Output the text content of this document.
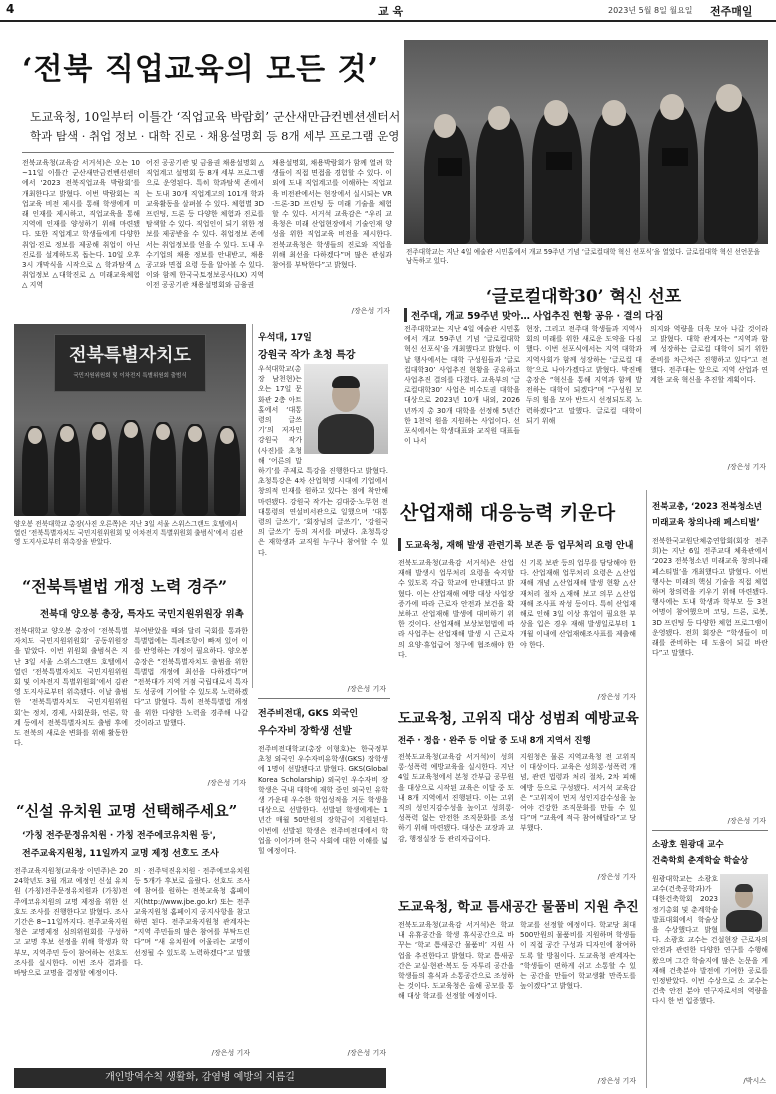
4	교 육	2023년 5월 8일 월요일 전주매일
‘전북 직업교육의 모든 것’
도교육청, 10일부터 이틀간 ‘직업교육 박람회’ 군산새만금컨벤션센터서
학과 탐색 · 취업 정보 · 대학 진로 · 채용설명회 등 8개 세부 프로그램 운영
전북교육청(교육감 서거석)은 오는 10~11일 이틀간 군산새만금컨벤션센터에서 ‘2023 전북직업교육 박람회’를 개최한다고 밝혔다. 이번 박람회는 직업교육 비전 제시를 통해 학생에게 미래 인재를 제시하고, 직업교육을 통해 지역에 인재를 양성하기 위해 마련됐다. 또한 직업계고 학생들에게 다양한 취업·진로 정보를 제공해 취업이 아닌 진로를 설계하도록 돕는다. 10일 오후 3시 개막식을 시작으로 △ 학과탐색 △취업정보 △대학진로 △ 미래교육체험 △ 지역
어진 공공기관 및 금융권 채용설명회 △직업계고 설명회 등 8개 세부 프로그램으로 운영된다. 특히 학과탐색 존에서는 도내 30개 직업계고의 101개 학과 교육활동을 살펴볼 수 있다. 체험별 3D 프린팅, 드론 등 다양한 체험과 진로를 탐색할 수 있다. 직업인이 되기 위한 정보를 제공받을 수 있다. 취업정보 존에서는 취업정보를 얻을 수 있다. 도내 우수기업의 채용 정보를 안내받고, 채용공고와 면접 요령 등을 알아볼 수 있다. 이와 함께 한국국토정보공사(LX) 지역 이전 공공기관 채용설명회와 금융권
채용설명회, 채용박람회가 함께 열려 학생들이 직접 면접을 경험할 수 있다. 이 외에 도내 직업계고를 이해하는 직업교육 비전관에서는 현장에서 실시되는 VR·드론·3D 프린팅 등 미래 기술을 체험할 수 있다. 서거석 교육감은 “우리 교육청은 미래 산업현장에서 기술인재 양성을 위한 직업교육 비전을 제시한다. 전북교육청은 학생들의 진로와 직업을 위해 최선을 다하겠다”며 많은 관심과 참여를 부탁한다”고 밝혔다.
/장은성 기자
전주대학교는 지난 4일 예술관 시민홀에서 개교 59주년 기념 ‘글로컬대학 혁신 선포식’을 열었다. 글로컬대학 혁신 선언문을 낭독하고 있다.
‘글로컬대학30’ 혁신 선포
전주대, 개교 59주년 맞아… 사업추진 현황 공유 · 결의 다짐
전주대학교는 지난 4일 예술관 시민홀에서 개교 59주년 기념 ‘글로컬대학 혁신 선포식’을 개최했다고 밝혔다. 이날 행사에서는 대학 구성원들과 ‘글로컬대학30’ 사업추진 현황을 공유하고 사업추진 결의를 다졌다. 교육부의 ‘글로컬대학30’ 사업은 비수도권 대학을 대상으로 2023년 10개 내외, 2026년까지 총 30개 대학을 선정해 5년간 한 1천억 원을 지원하는 사업이다. 선포식에서는 학생대표와 교직원 대표들이 나서
현장, 그리고 전주대 학생들과 지역사회의 미래를 위한 새로운 도약을 다짐했다. 이번 선포식에서는 지역 대학과 지역사회가 함께 성장하는 ‘글로컬 대학’으로 나아가겠다고 밝혔다. 박진배 총장은 “혁신을 통해 지역과 함께 발전하는 대학이 되겠다”며 “구성원 모두의 힘을 모아 반드시 선정되도록 노력하겠다”고 말했다. 글로컬 대학이 되기 위해
의지와 역량을 더욱 모아 나갈 것이라고 밝혔다. 대학 관계자는 “지역과 함께 성장하는 글로컬 대학이 되기 위한 준비를 차근차근 진행하고 있다”고 전했다. 전주대는 앞으로 지역 산업과 연계한 교육 혁신을 추진할 계획이다.
/장은성 기자
전북특별자치도
국민지원위원회 및 이차전지 특별위원회 출범식
양오봉 전북대학교 총장(사진 오른쪽)은 지난 3일 서울 스위스그랜드 호텔에서 열린 ‘전북특별자치도 국민지원위원회 및 이차전지 특별위원회 출범식’에서 김관영 도지사로부터 위촉장을 받았다.
“전북특별법 개정 노력 경주”
전북대 양오봉 총장, 특자도 국민지원위원장 위촉
전북대학교 양오봉 총장이 ‘전북특별자치도 국민지원위원회’ 공동위원장을 맡았다. 이번 위원회 출범식은 지난 3일 서울 스위스그랜드 호텔에서 열린 ‘전북특별자치도 국민지원위원회 및 이차전지 특별위원회’에서 김관영 도지사로부터 위촉됐다. 이날 출범한 ‘전북특별자치도 국민지원위원회’는 정치, 경제, 사회문화, 언론, 학계 등에서 전북특별자치도 출범 후에도 전북의 새로운 변화를 위해 활동한다.
부여받았을 때와 달리 국회를 통과한 특별법에는 특례조항이 빠져 있어 이를 반영하는 개정이 필요하다. 양오봉 총장은 “전북특별자치도 출범을 위한 특별법 개정에 최선을 다하겠다”며 “전북대가 지역 거점 국립대로서 특자도 성공에 기여할 수 있도록 노력하겠다”고 밝혔다. 특히 전북특별법 개정을 위한 다양한 노력을 경주해 나갈 것이라고 말했다.
/장은성 기자
“신설 유치원 교명 선택해주세요”
‘가칭 전주문정유치원 · 가칭 전주에코유치원 등',
전주교육지원청, 11일까지 교명 제정 선호도 조사
전주교육지원청(교육장 이민주)은 2024학년도 3월 개교 예정인 신설 유치원 (가칭)전주문정유치원과 (가칭)전주에코유치원의 교명 제정을 위한 선호도 조사를 진행한다고 밝혔다. 조사기간은 8~11일까지다. 전주교육지원청은 교명제정 심의위원회를 구성하고 교명 후보 선정을 위해 학생과 학부모, 지역주민 등이 참여하는 선호도 조사를 실시한다. 이번 조사 결과를 바탕으로 교명을 결정할 예정이다.
의 · 전주덕진유치원 · 전주에코유치원 등 5개가 후보로 올랐다. 선호도 조사에 참여를 원하는 전북교육청 홈페이지(http://www.jbe.go.kr) 또는 전주교육지원청 홈페이지 공지사항을 참고하면 된다. 전주교육지원청 관계자는 “지역 주민들의 많은 참여를 부탁드린다”며 “새 유치원에 어울리는 교명이 선정될 수 있도록 노력하겠다”고 말했다.
/장은성 기자
개인방역수칙 생활화, 감염병 예방의 지름길
우석대, 17일
강원국 작가 초청 특강
우석대학교(총장 남천현)는 오는 17일 문화관 2층 아트홀에서 ‘대통령의 글쓰기’의 저자인 강원국 작가(사진)를 초청해 ‘어른의 말하기’를 주제로 특강을 진행한다고 밝혔다. 초청특강은 4차 산업혁명 시대에 기업에서 창의적 인재를 원하고 있다는 점에 착안해 마련됐다. 강원국 작가는 김대중·노무현 전 대통령의 연설비서관으로 일했으며 ‘대통령의 글쓰기’, ‘회장님의 글쓰기’, ‘강원국의 글쓰기’ 등의 저서를 펴냈다. 초청특강은 재학생과 교직원 누구나 참여할 수 있다.
/장은성 기자
전주비전대, GKS 외국인
우수자비 장학생 선발
전주비전대학교(총장 이형호)는 한국정부초청 외국인 우수자비유학생(GKS) 장학생에 1명이 선발됐다고 밝혔다. GKS(Global Korea Scholarship) 외국인 우수자비 장학생은 국내 대학에 재학 중인 외국인 유학생 가운데 우수한 학업성적을 거둔 학생을 대상으로 선발한다. 선발된 학생에게는 1년간 매월 50만원의 장학금이 지원된다. 이번에 선발된 학생은 전주비전대에서 학업을 이어가며 한국 사회에 대한 이해를 넓힐 예정이다.
/장은성 기자
산업재해 대응능력 키운다
도교육청, 재해 발생 관련기록 보존 등 업무처리 요령 안내
전북도교육청(교육감 서거석)은 산업재해 발생시 업무처리 요령을 숙지할 수 있도록 각급 학교에 안내했다고 밝혔다. 이는 산업재해 예방 대상 사업장 증가에 따라 근로자 안전과 보건을 확보하고 산업재해 발생에 대비하기 위한 것이다. 산업재해 보상보험법에 따라 사업주는 산업재해 발생 시 근로자의 요양·휴업급여 청구에 협조해야 한다.
신 기록 보관 등의 업무를 담당해야 한다. 산업재해 업무처리 요령은 △산업재해 개념 △산업재해 발생 현황 △산재처리 절차 △재해 보고 의무 △산업재해 조사표 작성 등이다. 특히 산업재해로 인해 3일 이상 휴업이 필요한 부상을 입은 경우 재해 발생일로부터 1개월 이내에 산업재해조사표를 제출해야 한다.
/장은성 기자
도교육청, 고위직 대상 성범죄 예방교육
전주 · 정읍 · 완주 등 이달 중 도내 8개 지역서 진행
전북도교육청(교육감 서거석)이 성희롱·성폭력 예방교육을 실시한다. 지난 4일 도교육청에서 본청 간부급 공무원을 대상으로 시작된 교육은 이달 중 도내 8개 지역에서 진행된다. 이는 고위직의 성인지감수성을 높이고 성희롱·성폭력 없는 안전한 조직문화를 조성하기 위해 마련됐다. 대상은 교장과 교감, 행정실장 등 관리자급이다.
지원청은 물론 지역교육청 전 고위직이 대상이다. 교육은 성희롱·성폭력 개념, 관련 법령과 처리 절차, 2차 피해 예방 등으로 구성됐다. 서거석 교육감은 “고위직이 먼저 성인지감수성을 높여야 건강한 조직문화를 만들 수 있다”며 “교육에 적극 참여해달라”고 당부했다.
/장은성 기자
도교육청, 학교 틈새공간 물품비 지원 추진
전북도교육청(교육감 서거석)은 학교 내 유휴공간을 학생 휴식공간으로 바꾸는 ‘학교 틈새공간 물품비’ 지원 사업을 추진한다고 밝혔다. 학교 틈새공간은 교실·현관·복도 등 자투리 공간을 학생들의 휴식과 소통공간으로 조성하는 것이다. 도교육청은 올해 공모를 통해 대상 학교를 선정할 예정이다.
학교를 선정할 예정이다. 학교당 최대 500만원의 물품비를 지원하며 학생들이 직접 공간 구성과 디자인에 참여하도록 할 방침이다. 도교육청 관계자는 “학생들이 편하게 쉬고 소통할 수 있는 공간을 만들어 학교생활 만족도를 높이겠다”고 밝혔다.
/장은성 기자
전북교총, ‘2023 전북청소년
미래교육 창의나래 페스티벌’
전북한국교원단체총연합회(회장 전주희)는 지난 6일 전주교대 체육관에서 ‘2023 전북청소년 미래교육 창의나래 페스티벌’을 개최했다고 밝혔다. 이번 행사는 미래의 핵심 기술을 직접 체험하며 창의력을 키우기 위해 마련됐다. 행사에는 도내 학생과 학부모 등 3천여명이 참여했으며 코딩, 드론, 로봇, 3D 프린팅 등 다양한 체험 프로그램이 운영됐다. 전희 회장은 “학생들이 미래를 준비하는 데 도움이 되길 바란다”고 말했다.
/장은성 기자
소광호 원광대 교수
건축학회 춘계학술 학술상
원광대학교는 소광호 교수(건축공학과)가 대한건축학회 2023 정기총회 및 춘계학술발표대회에서 학술상을 수상했다고 밝혔다. 소광호 교수는 건설현장 근로자의 안전과 관련한 다양한 연구를 수행해 왔으며 그간 학술지에 많은 논문을 게재해 건축분야 발전에 기여한 공로를 인정받았다. 이번 수상으로 소 교수는 건축 안전 분야 연구자로서의 역량을 다시 한 번 입증했다.
/박시스
